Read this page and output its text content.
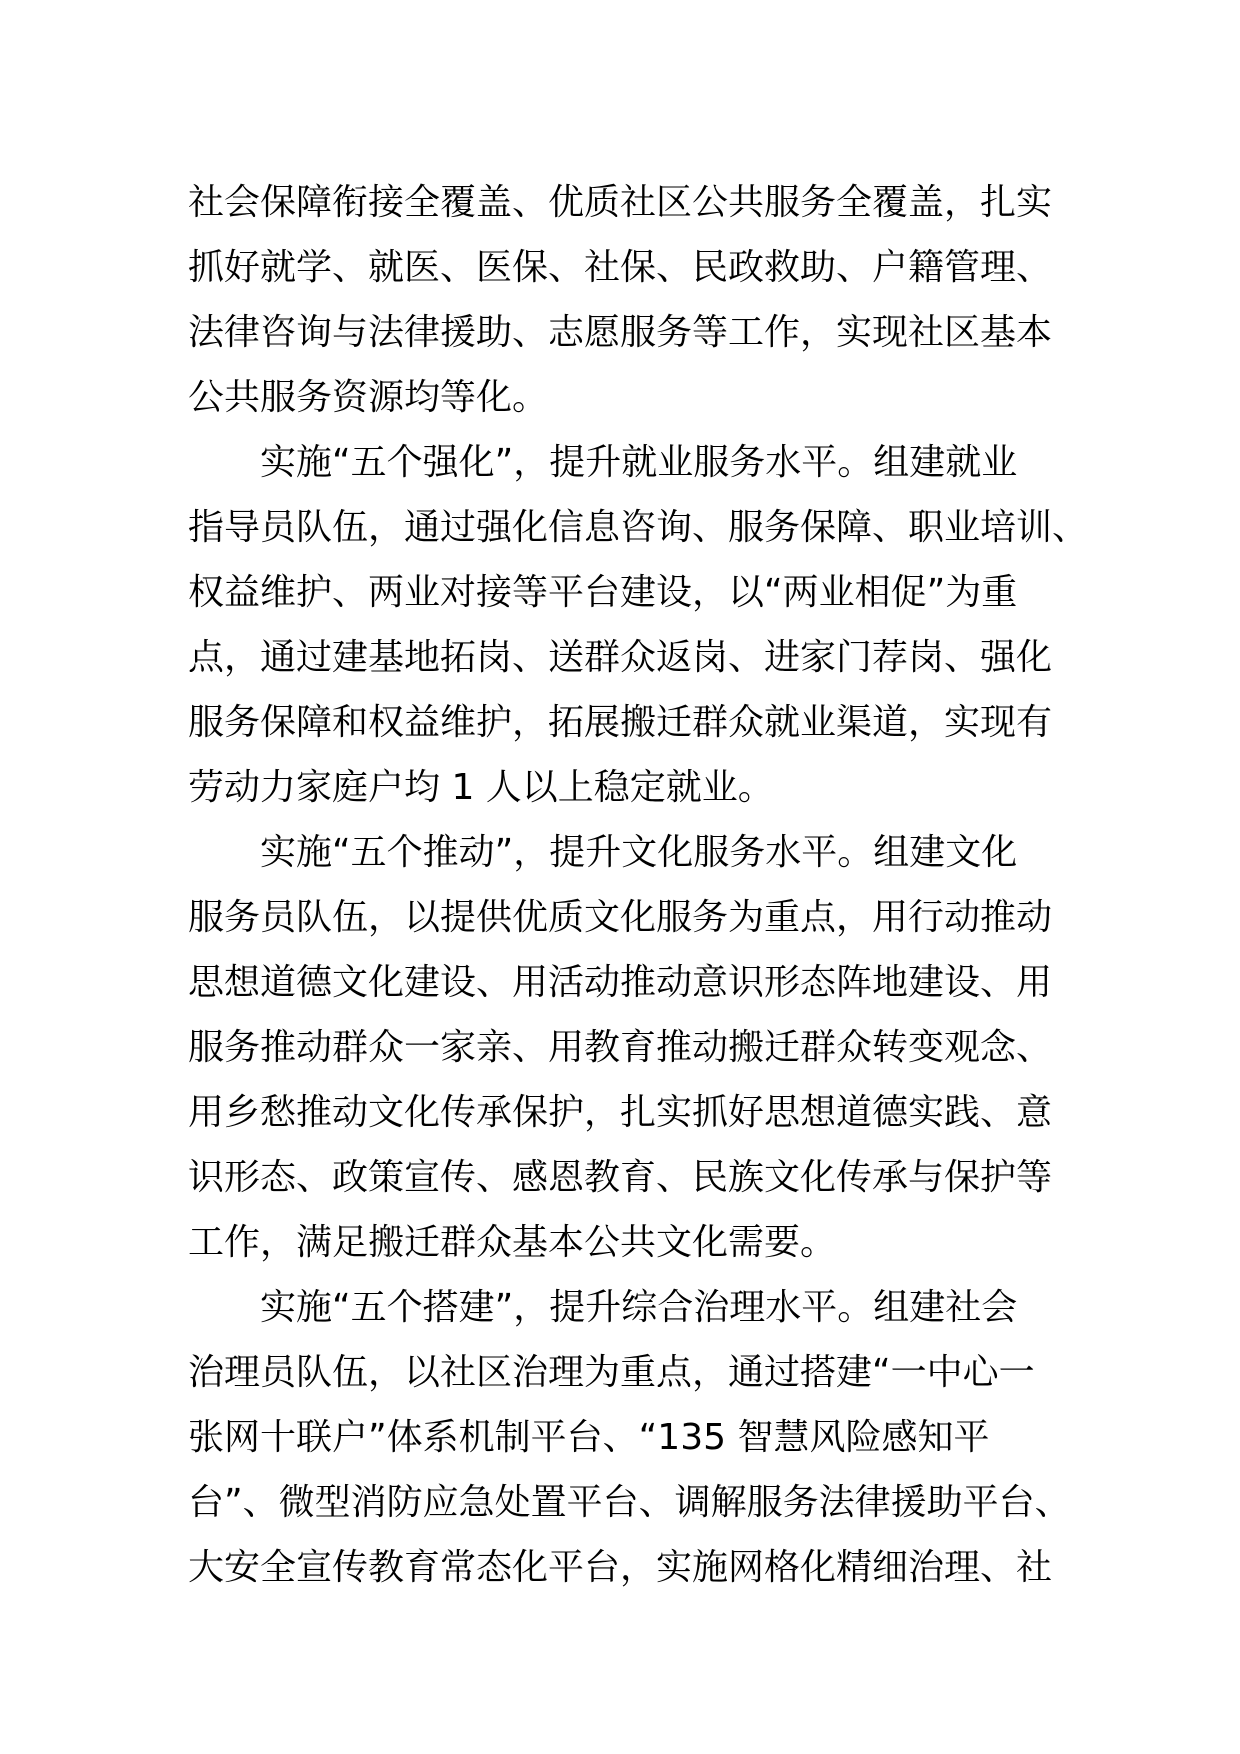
社会保障衔接全覆盖、优质社区公共服务全覆盖，扎实
抓好就学、就医、医保、社保、民政救助、户籍管理、
法律咨询与法律援助、志愿服务等工作，实现社区基本
公共服务资源均等化。
实施“五个强化”，提升就业服务水平。组建就业
指导员队伍，通过强化信息咨询、服务保障、职业培训、
权益维护、两业对接等平台建设，以“两业相促”为重
点，通过建基地拓岗、送群众返岗、进家门荐岗、强化
服务保障和权益维护，拓展搬迁群众就业渠道，实现有
劳动力家庭户均 1 人以上稳定就业。
实施“五个推动”，提升文化服务水平。组建文化
服务员队伍，以提供优质文化服务为重点，用行动推动
思想道德文化建设、用活动推动意识形态阵地建设、用
服务推动群众一家亲、用教育推动搬迁群众转变观念、
用乡愁推动文化传承保护，扎实抓好思想道德实践、意
识形态、政策宣传、感恩教育、民族文化传承与保护等
工作，满足搬迁群众基本公共文化需要。
实施“五个搭建”，提升综合治理水平。组建社会
治理员队伍，以社区治理为重点，通过搭建“一中心一
张网十联户”体系机制平台、“135 智慧风险感知平
台”、微型消防应急处置平台、调解服务法律援助平台、
大安全宣传教育常态化平台，实施网格化精细治理、社
